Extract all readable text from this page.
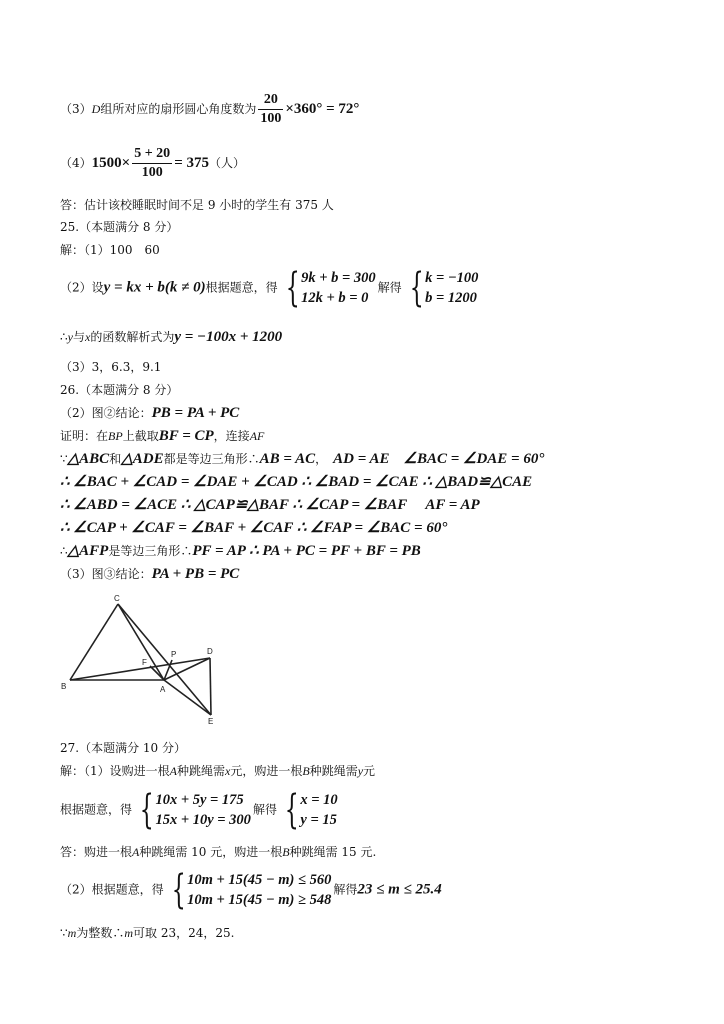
（3）D组所对应的扇形圆心角度数为 $\frac{20}{100} \times 360^\circ = 72^\circ$
$(4)1500\times \frac{5 + 20}{100} = 375$（人）
答：估计该校睡眠时间不足 9 小时的学生有 375 人
25.（本题满分 8 分）
解：（1）100　60
（2）设y = kx + b(k ≠ 0)根据题意，得 { 9k + b = 300
12k + b = 0
解得 { k = −100
b = 1200
∴y与x的函数解析式为y = −100x + 1200
（3）3，6.3，9.1
26.（本题满分 8 分）
（2）图②结论：PB = PA + PC
证明：在BP上截取BF = CP，连接AF
∵△ABC和△ADE都是等边三角形∴AB = AC， AD = AE ∠BAC = ∠DAE = 60°
∴ ∠BAC + ∠CAD = ∠DAE + ∠CAD ∴ ∠BAD = ∠CAE ∴ △BAD≌△CAE
∴ ∠ABD = ∠ACE ∴ △CAP≌△BAF ∴ ∠CAP = ∠BAF AF = AP
∴ ∠CAP + ∠CAF = ∠BAF + ∠CAF ∴ ∠FAP = ∠BAC = 60°
∴△AFP是等边三角形∴PF = AP ∴ PA + PC = PF + BF = PB
（3）图③结论：PA + PB = PC
C
F
P	D
B	A
E
27.（本题满分 10 分）
解：（1）设购进一根A种跳绳需x元，购进一根B种跳绳需y元
根据题意，得 { 10x + 5y = 175
15x + 10y = 300
解得 { x = 10
y = 15
答：购进一根A种跳绳需 10 元，购进一根B种跳绳需 15 元.
（2）根据题意，得 { 10m + 15(45 − m) ≤ 560
10m + 15(45 − m) ≥ 548
解得23 ≤ m ≤ 25.4
∵m为整数∴m可取 23，24，25.
